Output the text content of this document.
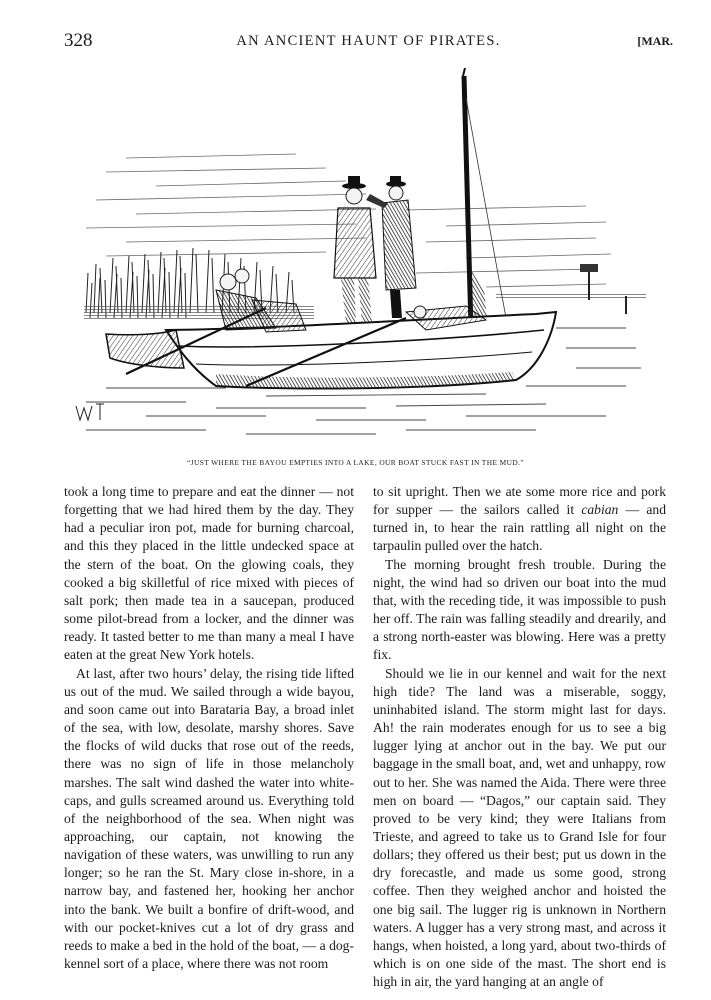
328	AN ANCIENT HAUNT OF PIRATES.	[MAR.
“JUST WHERE THE BAYOU EMPTIES INTO A LAKE, OUR BOAT STUCK FAST IN THE MUD.”

took a long time to prepare and eat the dinner — not forgetting that we had hired them by the day. They had a peculiar iron pot, made for burning charcoal, and this they placed in the little undecked space at the stern of the boat. On the glowing coals, they cooked a big skilletful of rice mixed with pieces of salt pork; then made tea in a saucepan, produced some pilot-bread from a locker, and the dinner was ready. It tasted better to me than many a meal I have eaten at the great New York hotels.

At last, after two hours’ delay, the rising tide lifted us out of the mud. We sailed through a wide bayou, and soon came out into Barataria Bay, a broad inlet of the sea, with low, desolate, marshy shores. Save the flocks of wild ducks that rose out of the reeds, there was no sign of life in those melancholy marshes. The salt wind dashed the water into white-caps, and gulls screamed around us. Everything told of the neighborhood of the sea. When night was approaching, our captain, not knowing the navigation of these waters, was unwilling to run any longer; so he ran the St. Mary close in-shore, in a narrow bay, and fastened her, hooking her anchor into the bank. We built a bonfire of drift-wood, and with our pocket-knives cut a lot of dry grass and reeds to make a bed in the hold of the boat, — a dog-kennel sort of a place, where there was not room

to sit upright. Then we ate some more rice and pork for supper — the sailors called it cabian — and turned in, to hear the rain rattling all night on the tarpaulin pulled over the hatch.

The morning brought fresh trouble. During the night, the wind had so driven our boat into the mud that, with the receding tide, it was impossible to push her off. The rain was falling steadily and drearily, and a strong north-easter was blowing. Here was a pretty fix.

Should we lie in our kennel and wait for the next high tide? The land was a miserable, soggy, uninhabited island. The storm might last for days. Ah! the rain moderates enough for us to see a big lugger lying at anchor out in the bay. We put our baggage in the small boat, and, wet and unhappy, row out to her. She was named the Aida. There were three men on board — “Dagos,” our captain said. They proved to be very kind; they were Italians from Trieste, and agreed to take us to Grand Isle for four dollars; they offered us their best; put us down in the dry forecastle, and made us some good, strong coffee. Then they weighed anchor and hoisted the one big sail. The lugger rig is unknown in Northern waters. A lugger has a very strong mast, and across it hangs, when hoisted, a long yard, about two-thirds of which is on one side of the mast. The short end is high in air, the yard hanging at an angle of
